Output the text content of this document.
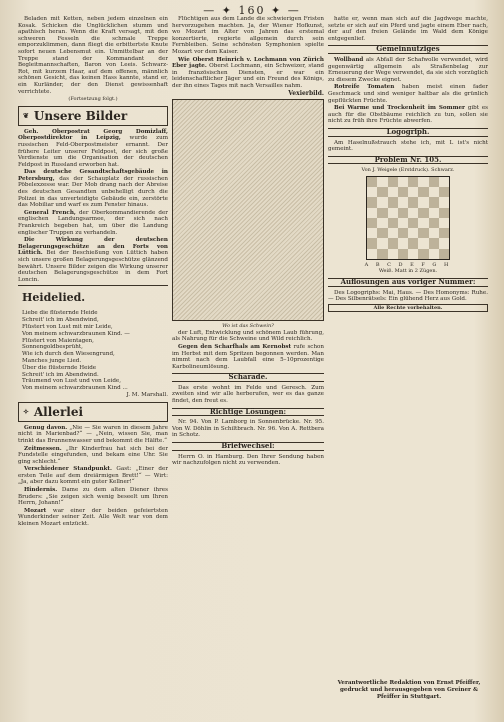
— ✦ 160 ✦ —

Beladen mit Ketten, neben jedem einzelnen ein Kosak. Schicken die Unglücklichen stumm und apathisch heran. Wenn die Kraft versagt, mit den schweren Fesseln die schmale Treppe emporzuklimmen, dann fliegt die erbittertste Knute sofort neuen Lebensmut ein. Unmittelbar an der Treppe stand der Kommandant der Begleitmannschaften, Baron von Leeis. Schwarz-Rot, mit kurzem Haar, auf dem offenen, männlich schönen Gesicht, das keinen Hass kannte, stand er, ein Kurländer, der den Dienst gewissenhaft verrichtete.

(Fortsetzung folgt.)

❦ Unsere Bilder

Geh. Oberpostrat Georg Domizlaff, Oberpostdirektor in Leipzig, wurde zum russischen Feld-Oberpostmeister ernannt. Der frühere Leiter unserer Feldpost, der sich große Verdienste um die Organisation der deutschen Feldpost in Russland erworben hat.

Das deutsche Gesandtschaftsgebäude in Petersburg, das der Schauplatz der russischen Pöbelexzesse war. Der Mob drang nach der Abreise des deutschen Gesandten unbehelligt durch die Polizei in das unverteidigte Gebäude ein, zerstörte das Mobiliar und warf es zum Fenster hinaus.

General French, der Oberkommandierende der englischen Landungsarmee, der sich nach Frankreich begeben hat, um über die Landung englischer Truppen zu verhandeln.

Die Wirkung der deutschen Belagerungsgeschütze an den Forts von Lüttich. Bei der Beschießung von Lüttich haben sich unsere großen Belagerungsgeschütze glänzend bewährt. Unsere Bilder zeigen die Wirkung unserer deutschen Belagerungsgeschütze in dem Fort Loncin.

Heidelied.
Liebe die flüsternde Heide
Schreit' ich im Abendwind,
Flüstert von Lust mit mir Leide,
Von meinem schwarzbraunen Kind. —
Flüstert von Maientagen,
Sonnengoldbesprüht,
Wie ich durch den Wiesengrund,
Manches junge Lied.
Über die flüsternde Heide
Schreit' ich im Abendwind.
Träumend von Lust und von Leide,
Von meinem schwarzbraunen Kind ...
J. M. Marshall.
✧ Allerlei

Genug davon. „Nie — Sie waren in diesem Jahre nicht in Marienbad?“ — „Nein, wissen Sie, man trinkt das Brunnenwasser und bekommt die Hälfte.“

Zeitmessen. „Ihr Kinderfrau hat sich bei der Fundstelle eingefunden, und bekam eine Uhr. Sie ging schlecht.“

Verschiedener Standpunkt. Gast: „Einer der ersten Teile auf dem dreiärmigen Brett!“ — Wirt: „Ja, aber dazu kommt ein guter Kellner!“

Hindernis. Dame zu dem alten Diener ihres Bruders: „Sie zeigen sich wenig beseelt um Ihren Herrn, Johann!“

Mozart war einer der beiden gefeiertsten Wunderkinder seiner Zeit. Alle Welt war von dem kleinen Mozart entzückt.

Flüchtigen aus dem Lande die schwierigen Fristen hervorzugehen machten. Ja, der Wiener Hofkunst, wo Mozart im Alter von Jahren das erstemal konzertierte, regierte allgemein durch sein Fernbleiben. Seine schönsten Symphonien spielte Mozart vor dem Kaiser.

Wie Oberst Heinrich v. Lochmann von Zürich Eber jagte. Oberst Lochmann, ein Schweizer, stand in französischen Diensten, er war ein leidenschaftlicher Jäger und ein Freund des Königs, der ihn eines Tages mit nach Versailles nahm.

Vexierbild.
Wo ist das Schwein?

der Luft, Entwicklung und schönem Laub führung, als Nahrung für die Schweine und Wild reichlich.

Gegen den Scharfhals am Kernobst rufe schon im Herbst mit dem Spritzen begonnen werden. Man nimmt nach dem Laubfall eine 5–10prozentige Karbolineumlösung.

Scharade.

Das erste wohnt im Felde und Geresch. Zum zweiten sind wir alle herberufen, wer es das ganze findet, den freut es.

Richtige Lösungen:

Nr. 94. Von P. Lamborg in Sonnenbrücke. Nr. 95. Von W. Döhlin in Schiltbrach. Nr. 96. Von A. Rettbera in Schotz.

Briefwechsel:

Herrn O. in Hamburg. Den Ihrer Sendung haben wir nachzufolgen nicht zu verwenden.

hatte er, wenn man sich auf die Jagdwege machte, setzte er sich auf ein Pferd und jagte einem Eber nach, der auf den freien Gelände im Wald dem Könige entgegenlief.

Gemeinnütziges

Wollband als Abfall der Schafwolle verwendet, wird gegenwärtig allgemein als Straßenbelag zur Erneuerung der Wege verwendet, da sie sich vorzüglich zu diesem Zwecke eignet.

Rotreife Tomaten haben meist einen fader Geschmack und sind weniger haltbar als die grünlich gepflückten Früchte.

Bei Warme und Trockenheit im Sommer gibt es auch für die Obstbäume reichlich zu tun, sollen sie nicht zu früh ihre Früchte abwerfen.

Logogriph.

Am Haselnußstrauch stehe ich, mit L ist's nicht gemeint.

Problem Nr. 105.
Von J. Weigele (Erstdruck). Schwarz.
A B C D E F G H
Weiß. Matt in 2 Zügen.
Auflösungen aus voriger Nummer:

Des Logogriphs: Mai, Haus. — Des Homonyms: Ruhe. — Des Silbenrätsels: Ein glühend Herz aus Gold.

Alle Rechte vorbehalten.
Verantwortliche Redaktion von Ernst Pfeiffer, gedruckt und herausgegeben von Greiner & Pfeiffer in Stuttgart.
